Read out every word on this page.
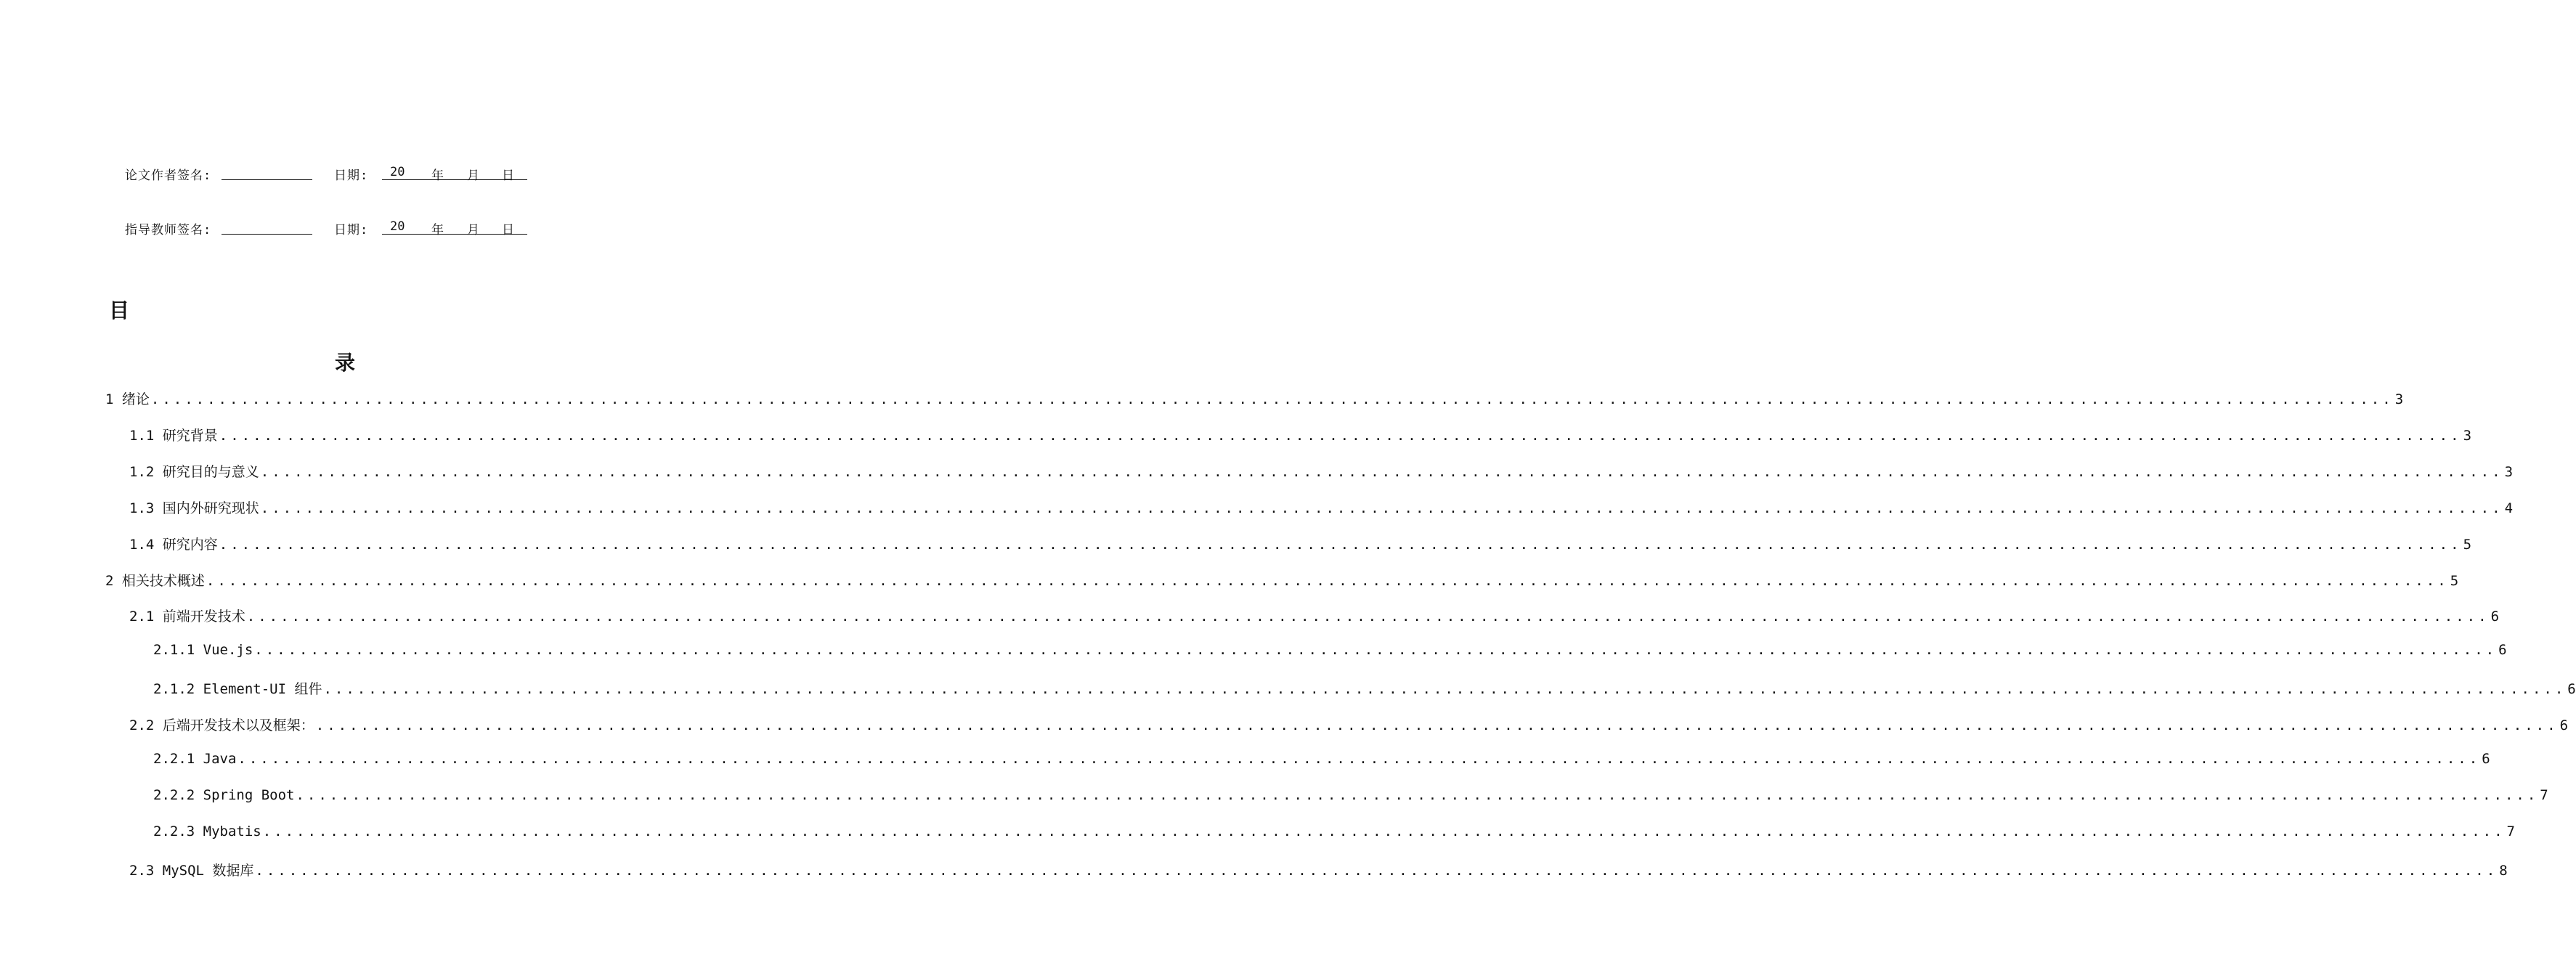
论文作者签名:	日期: 20 年 月 日
指导教师签名:	日期: 20 年 月 日
目
录
1 绪论 ........................................................................................................................................................................................................ 3
1.1 研究背景 ........................................................................................................................................................................................................ 3
1.2 研究目的与意义 ........................................................................................................................................................................................................ 3
1.3 国内外研究现状 ........................................................................................................................................................................................................ 4
1.4 研究内容 ........................................................................................................................................................................................................ 5
2 相关技术概述 ........................................................................................................................................................................................................ 5
2.1 前端开发技术 ........................................................................................................................................................................................................ 6
2.1.1 Vue.js ........................................................................................................................................................................................................ 6
2.1.2 Element-UI 组件 ........................................................................................................................................................................................................ 6
2.2 后端开发技术以及框架： ........................................................................................................................................................................................................ 6
2.2.1 Java ........................................................................................................................................................................................................ 6
2.2.2 Spring Boot ........................................................................................................................................................................................................ 7
2.2.3 Mybatis ........................................................................................................................................................................................................ 7
2.3 MySQL 数据库 ........................................................................................................................................................................................................ 8
